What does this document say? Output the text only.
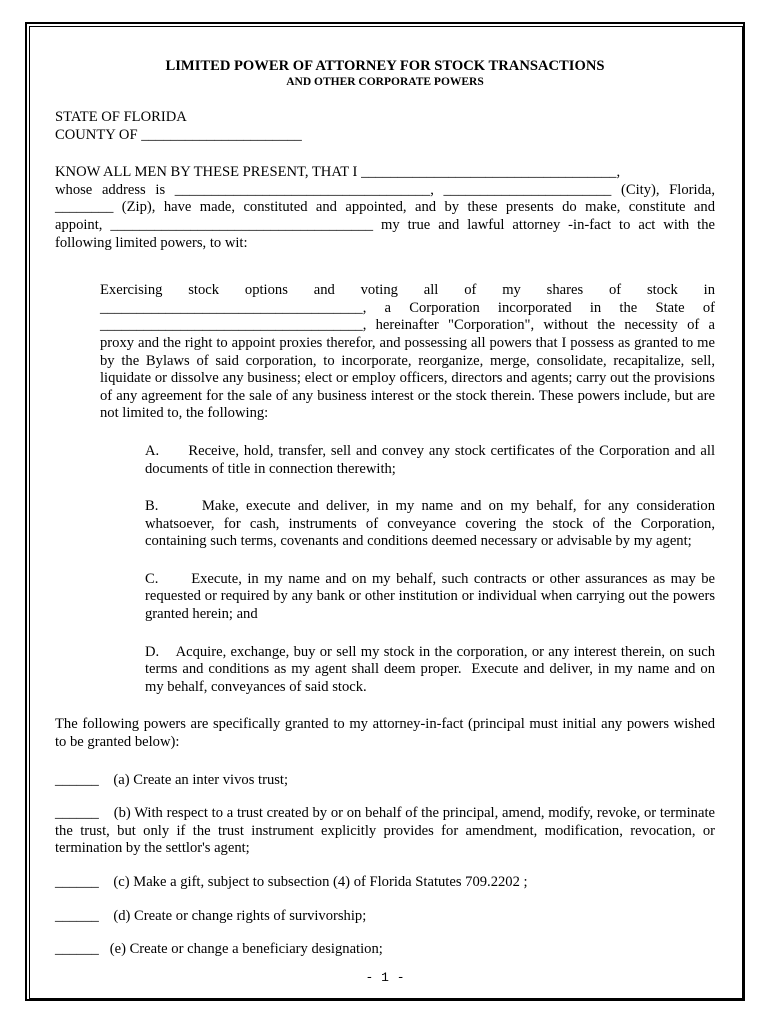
LIMITED POWER OF ATTORNEY FOR STOCK TRANSACTIONS

AND OTHER CORPORATE POWERS

STATE OF FLORIDA

COUNTY OF ______________________

KNOW ALL MEN BY THESE PRESENT, THAT I ___________________________________,

whose address is ___________________________________, _______________________ (City), Florida,

________ (Zip), have made, constituted and appointed, and by these presents do make, constitute and

appoint, ____________________________________ my true and lawful attorney -in-fact to act with the

following limited powers, to wit:

Exercising stock options and voting all of my shares of stock in

____________________________________, a Corporation incorporated in the State of

____________________________________, hereinafter "Corporation", without the necessity of a

proxy and the right to appoint proxies therefor, and possessing all powers that I possess as granted to me by the Bylaws of said corporation, to incorporate, reorganize, merge, consolidate, recapitalize, sell, liquidate or dissolve any business; elect or employ officers, directors and agents; carry out the provisions of any agreement for the sale of any business interest or the stock therein. These powers include, but are not limited to, the following:

A.      Receive, hold, transfer, sell and convey any stock certificates of the Corporation and all documents of title in connection therewith;

B.      Make, execute and deliver, in my name and on my behalf, for any consideration whatsoever, for cash, instruments of conveyance covering the stock of the Corporation, containing such terms, covenants and conditions deemed necessary or advisable by my agent;

C.      Execute, in my name and on my behalf, such contracts or other assurances as may be requested or required by any bank or other institution or individual when carrying out the powers granted herein; and

D.    Acquire, exchange, buy or sell my stock in the corporation, or any interest therein, on such terms and conditions as my agent shall deem proper.  Execute and deliver, in my name and on my behalf, conveyances of said stock.

The following powers are specifically granted to my attorney-in-fact (principal must initial any powers wished to be granted below):

______    (a) Create an inter vivos trust;

______    (b) With respect to a trust created by or on behalf of the principal, amend, modify, revoke, or terminate the trust, but only if the trust instrument explicitly provides for amendment, modification, revocation, or termination by the settlor's agent;

______    (c) Make a gift, subject to subsection (4) of Florida Statutes 709.2202 ;

______    (d) Create or change rights of survivorship;

______   (e) Create or change a beneficiary designation;

- 1 -
